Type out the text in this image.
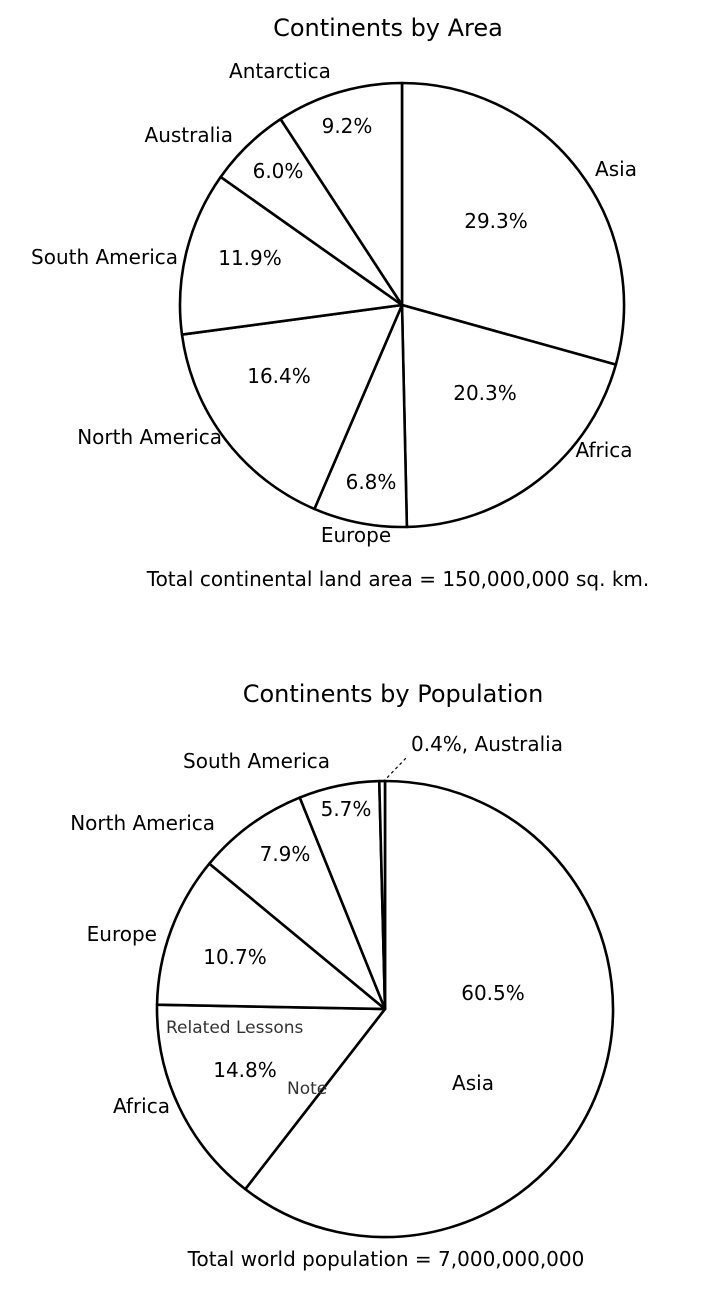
Continents by Area
29.3%
20.3%
6.8%
16.4%
11.9%
6.0%
9.2%
Asia
Africa
Europe
North America
South America
Australia
Antarctica
Total continental land area = 150,000,000 sq. km.
Continents by Population
60.5%
14.8%
10.7%
7.9%
5.7%
Asia
Africa
Europe
North America
South America
0.4%, Australia
Total world population = 7,000,000,000
Related Lessons
Note
